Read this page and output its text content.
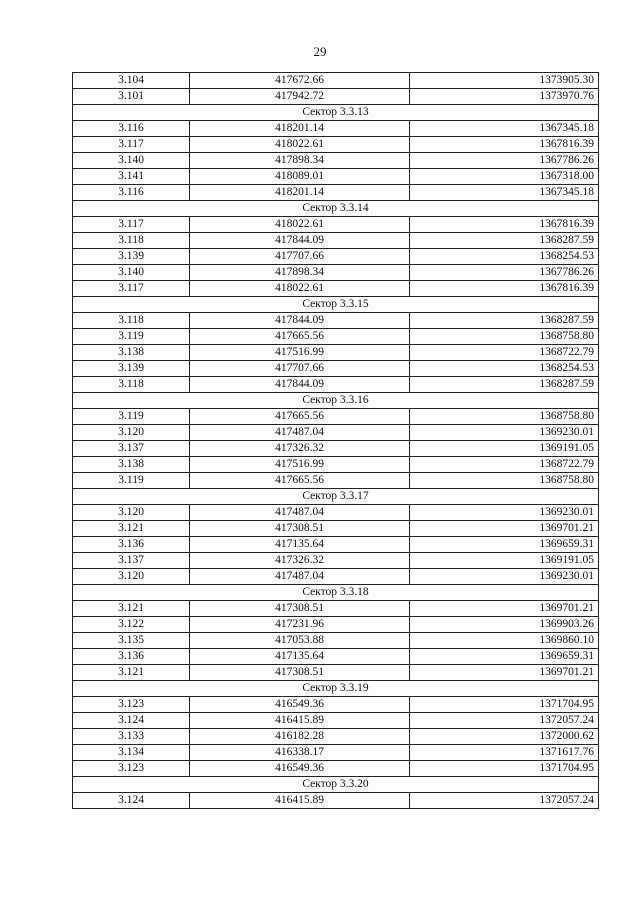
29
3.104	417672.66	1373905.30
3.101	417942.72	1373970.76
Сектор 3.3.13		
3.116	418201.14	1367345.18
3.117	418022.61	1367816.39
3.140	417898.34	1367786.26
3.141	418089.01	1367318.00
3.116	418201.14	1367345.18
Сектор 3.3.14		
3.117	418022.61	1367816.39
3.118	417844.09	1368287.59
3.139	417707.66	1368254.53
3.140	417898.34	1367786.26
3.117	418022.61	1367816.39
Сектор 3.3.15		
3.118	417844.09	1368287.59
3.119	417665.56	1368758.80
3.138	417516.99	1368722.79
3.139	417707.66	1368254.53
3.118	417844.09	1368287.59
Сектор 3.3.16		
3.119	417665.56	1368758.80
3.120	417487.04	1369230.01
3.137	417326.32	1369191.05
3.138	417516.99	1368722.79
3.119	417665.56	1368758.80
Сектор 3.3.17		
3.120	417487.04	1369230.01
3.121	417308.51	1369701.21
3.136	417135.64	1369659.31
3.137	417326.32	1369191.05
3.120	417487.04	1369230.01
Сектор 3.3.18		
3.121	417308.51	1369701.21
3.122	417231.96	1369903.26
3.135	417053.88	1369860.10
3.136	417135.64	1369659.31
3.121	417308.51	1369701.21
Сектор 3.3.19		
3.123	416549.36	1371704.95
3.124	416415.89	1372057.24
3.133	416182.28	1372000.62
3.134	416338.17	1371617.76
3.123	416549.36	1371704.95
Сектор 3.3.20		
3.124	416415.89	1372057.24
